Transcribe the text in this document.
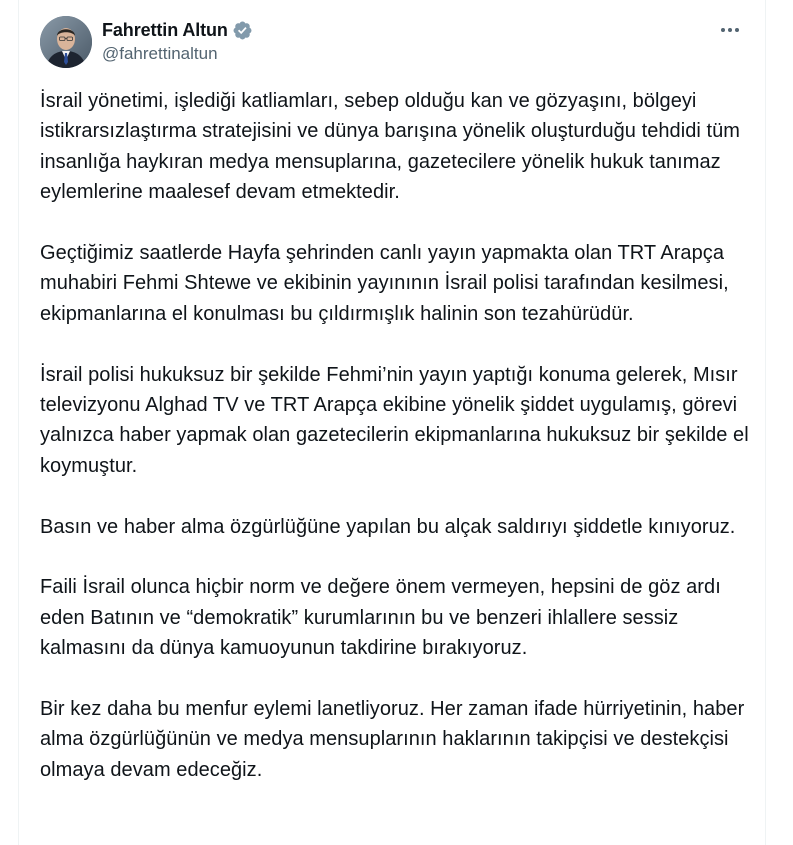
Fahrettin Altun
@fahrettinaltun

İsrail yönetimi, işlediği katliamları, sebep olduğu kan ve gözyaşını, bölgeyi istikrarsızlaştırma stratejisini ve dünya barışına yönelik oluşturduğu tehdidi tüm insanlığa haykıran medya mensuplarına, gazetecilere yönelik hukuk tanımaz eylemlerine maalesef devam etmektedir.

Geçtiğimiz saatlerde Hayfa şehrinden canlı yayın yapmakta olan TRT Arapça muhabiri Fehmi Shtewe ve ekibinin yayınının İsrail polisi tarafından kesilmesi, ekipmanlarına el konulması bu çıldırmışlık halinin son tezahürüdür.

İsrail polisi hukuksuz bir şekilde Fehmi’nin yayın yaptığı konuma gelerek, Mısır televizyonu Alghad TV ve TRT Arapça ekibine yönelik şiddet uygulamış, görevi yalnızca haber yapmak olan gazetecilerin ekipmanlarına hukuksuz bir şekilde el koymuştur.

Basın ve haber alma özgürlüğüne yapılan bu alçak saldırıyı şiddetle kınıyoruz.

Faili İsrail olunca hiçbir norm ve değere önem vermeyen, hepsini de göz ardı eden Batının ve “demokratik” kurumlarının bu ve benzeri ihlallere sessiz kalmasını da dünya kamuoyunun takdirine bırakıyoruz.

Bir kez daha bu menfur eylemi lanetliyoruz. Her zaman ifade hürriyetinin, haber alma özgürlüğünün ve medya mensuplarının haklarının takipçisi ve destekçisi olmaya devam edeceğiz.
